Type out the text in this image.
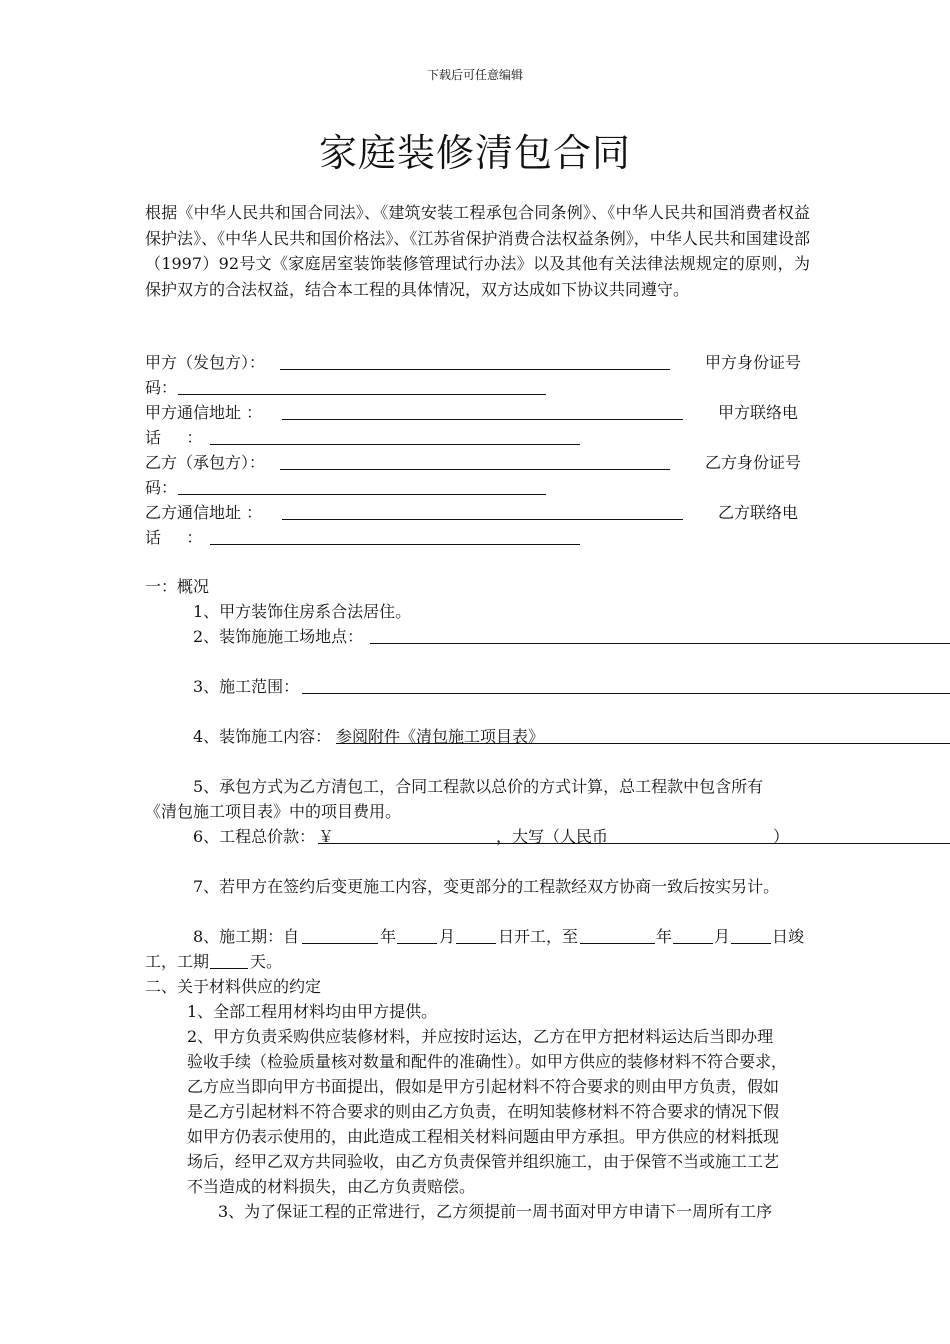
下载后可任意编辑
家庭装修清包合同
根据《中华人民共和国合同法》、《建筑安装工程承包合同条例》、《中华人民共和国消费者权益保护法》、《中华人民共和国价格法》、《江苏省保护消费合法权益条例》，中华人民共和国建设部（1997）92号文《家庭居室装饰装修管理试行办法》以及其他有关法律法规规定的原则，为保护双方的合法权益，结合本工程的具体情况，双方达成如下协议共同遵守。
甲方（发包方）：	甲方身份证号
码：
甲方通信地址 ：	甲方联络电
话     ：
乙方（承包方）：	乙方身份证号
码：
乙方通信地址 ：	乙方联络电
话     ：
一：概况
1、甲方装饰住房系合法居住。
2、装饰施施工场地点：
3、施工范围：
4、装饰施工内容： 参阅附件《清包施工项目表》
5、承包方式为乙方清包工，合同工程款以总价的方式计算，总工程款中包含所有
《清包施工项目表》中的项目费用。
6、工程总价款： ￥	，大写（人民币	）
7、若甲方在签约后变更施工内容，变更部分的工程款经双方协商一致后按实另计。
8、施工期：自	年	月	日开工，至	年	月	日竣
工，工期	天。
二、关于材料供应的约定
1、全部工程用材料均由甲方提供。
2、甲方负责采购供应装修材料，并应按时运达，乙方在甲方把材料运达后当即办理
验收手续（检验质量核对数量和配件的准确性）。如甲方供应的装修材料不符合要求，
乙方应当即向甲方书面提出，假如是甲方引起材料不符合要求的则由甲方负责，假如
是乙方引起材料不符合要求的则由乙方负责，在明知装修材料不符合要求的情况下假
如甲方仍表示使用的，由此造成工程相关材料问题由甲方承担。甲方供应的材料抵现
场后，经甲乙双方共同验收，由乙方负责保管并组织施工，由于保管不当或施工工艺
不当造成的材料损失，由乙方负责赔偿。
3、为了保证工程的正常进行，乙方须提前一周书面对甲方申请下一周所有工序
